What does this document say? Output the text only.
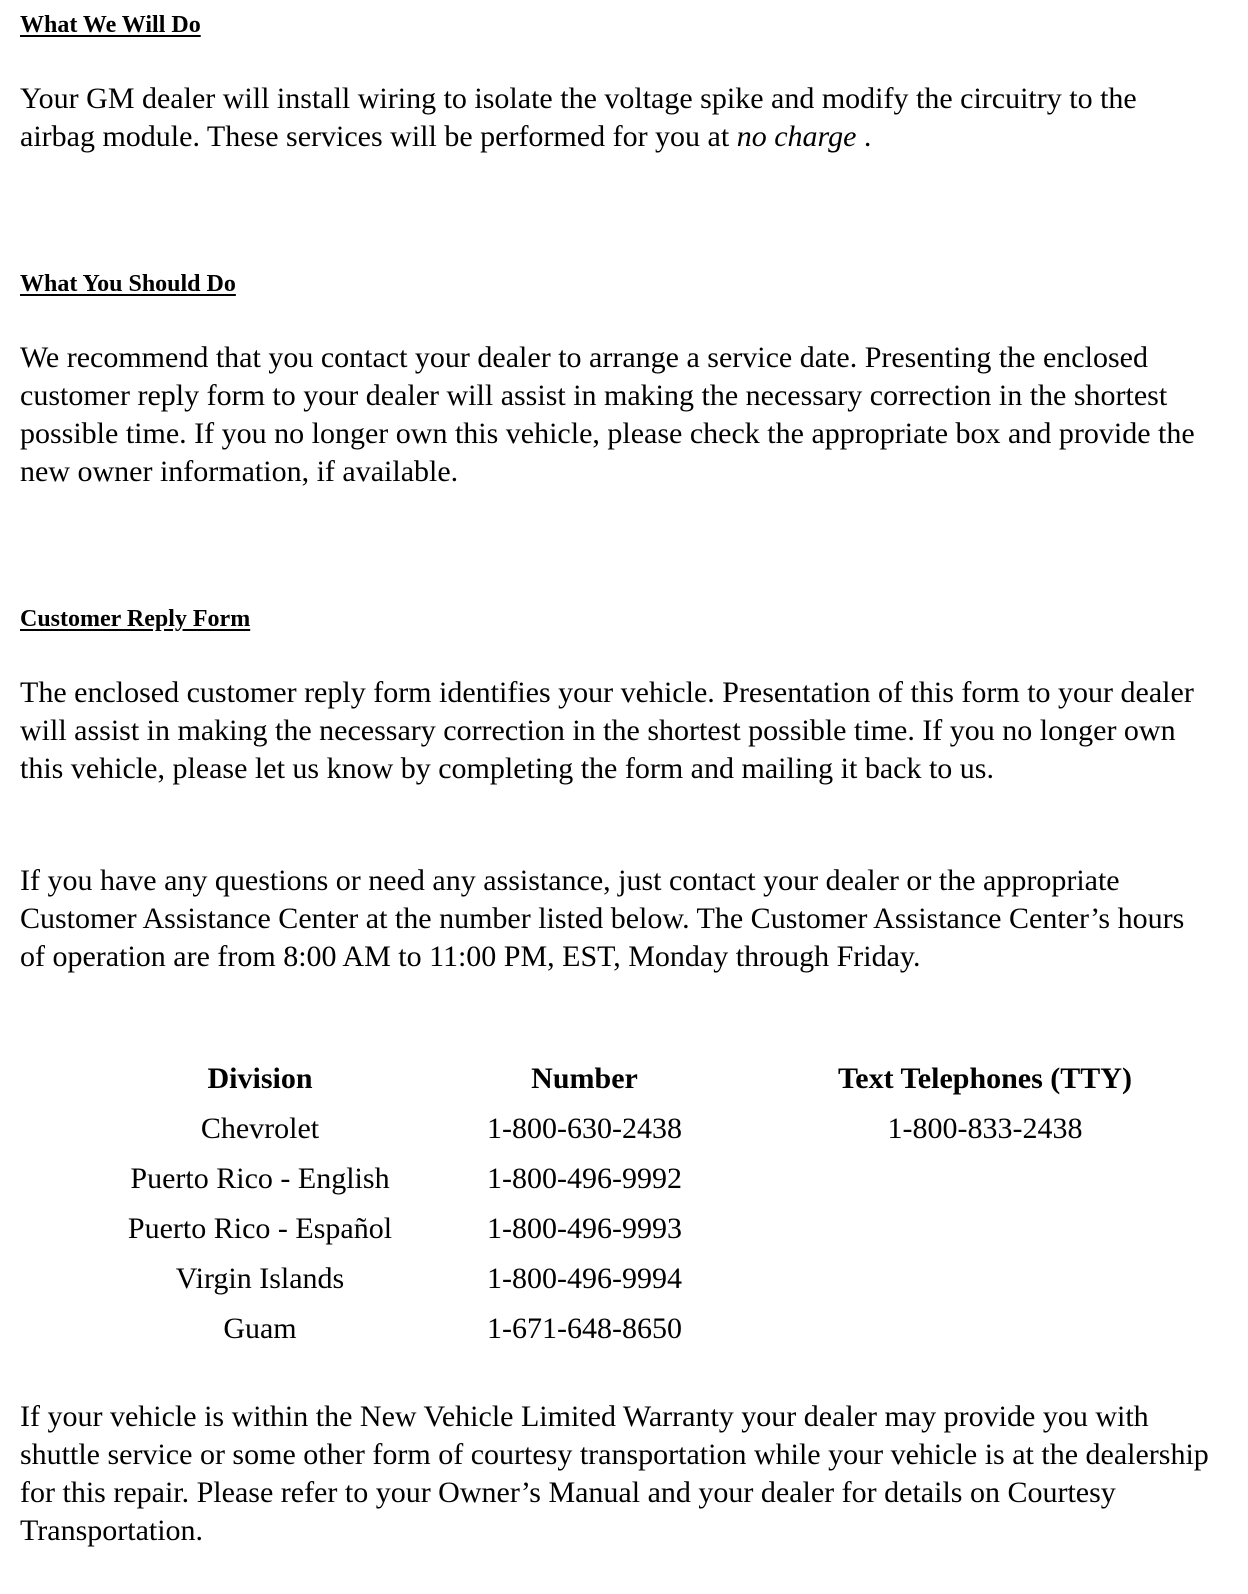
What We Will Do

Your GM dealer will install wiring to isolate the voltage spike and modify the circuitry to the airbag module. These services will be performed for you at no charge .

What You Should Do

We recommend that you contact your dealer to arrange a service date. Presenting the enclosed customer reply form to your dealer will assist in making the necessary correction in the shortest possible time. If you no longer own this vehicle, please check the appropriate box and provide the new owner information, if available.

Customer Reply Form

The enclosed customer reply form identifies your vehicle. Presentation of this form to your dealer will assist in making the necessary correction in the shortest possible time. If you no longer own this vehicle, please let us know by completing the form and mailing it back to us.

If you have any questions or need any assistance, just contact your dealer or the appropriate Customer Assistance Center at the number listed below. The Customer Assistance Center’s hours of operation are from 8:00 AM to 11:00 PM, EST, Monday through Friday.

Division	Number	Text Telephones (TTY)
Chevrolet	1-800-630-2438	1-800-833-2438
Puerto Rico - English	1-800-496-9992
Puerto Rico - Español	1-800-496-9993
Virgin Islands	1-800-496-9994
Guam	1-671-648-8650

If your vehicle is within the New Vehicle Limited Warranty your dealer may provide you with shuttle service or some other form of courtesy transportation while your vehicle is at the dealership for this repair. Please refer to your Owner’s Manual and your dealer for details on Courtesy Transportation.
